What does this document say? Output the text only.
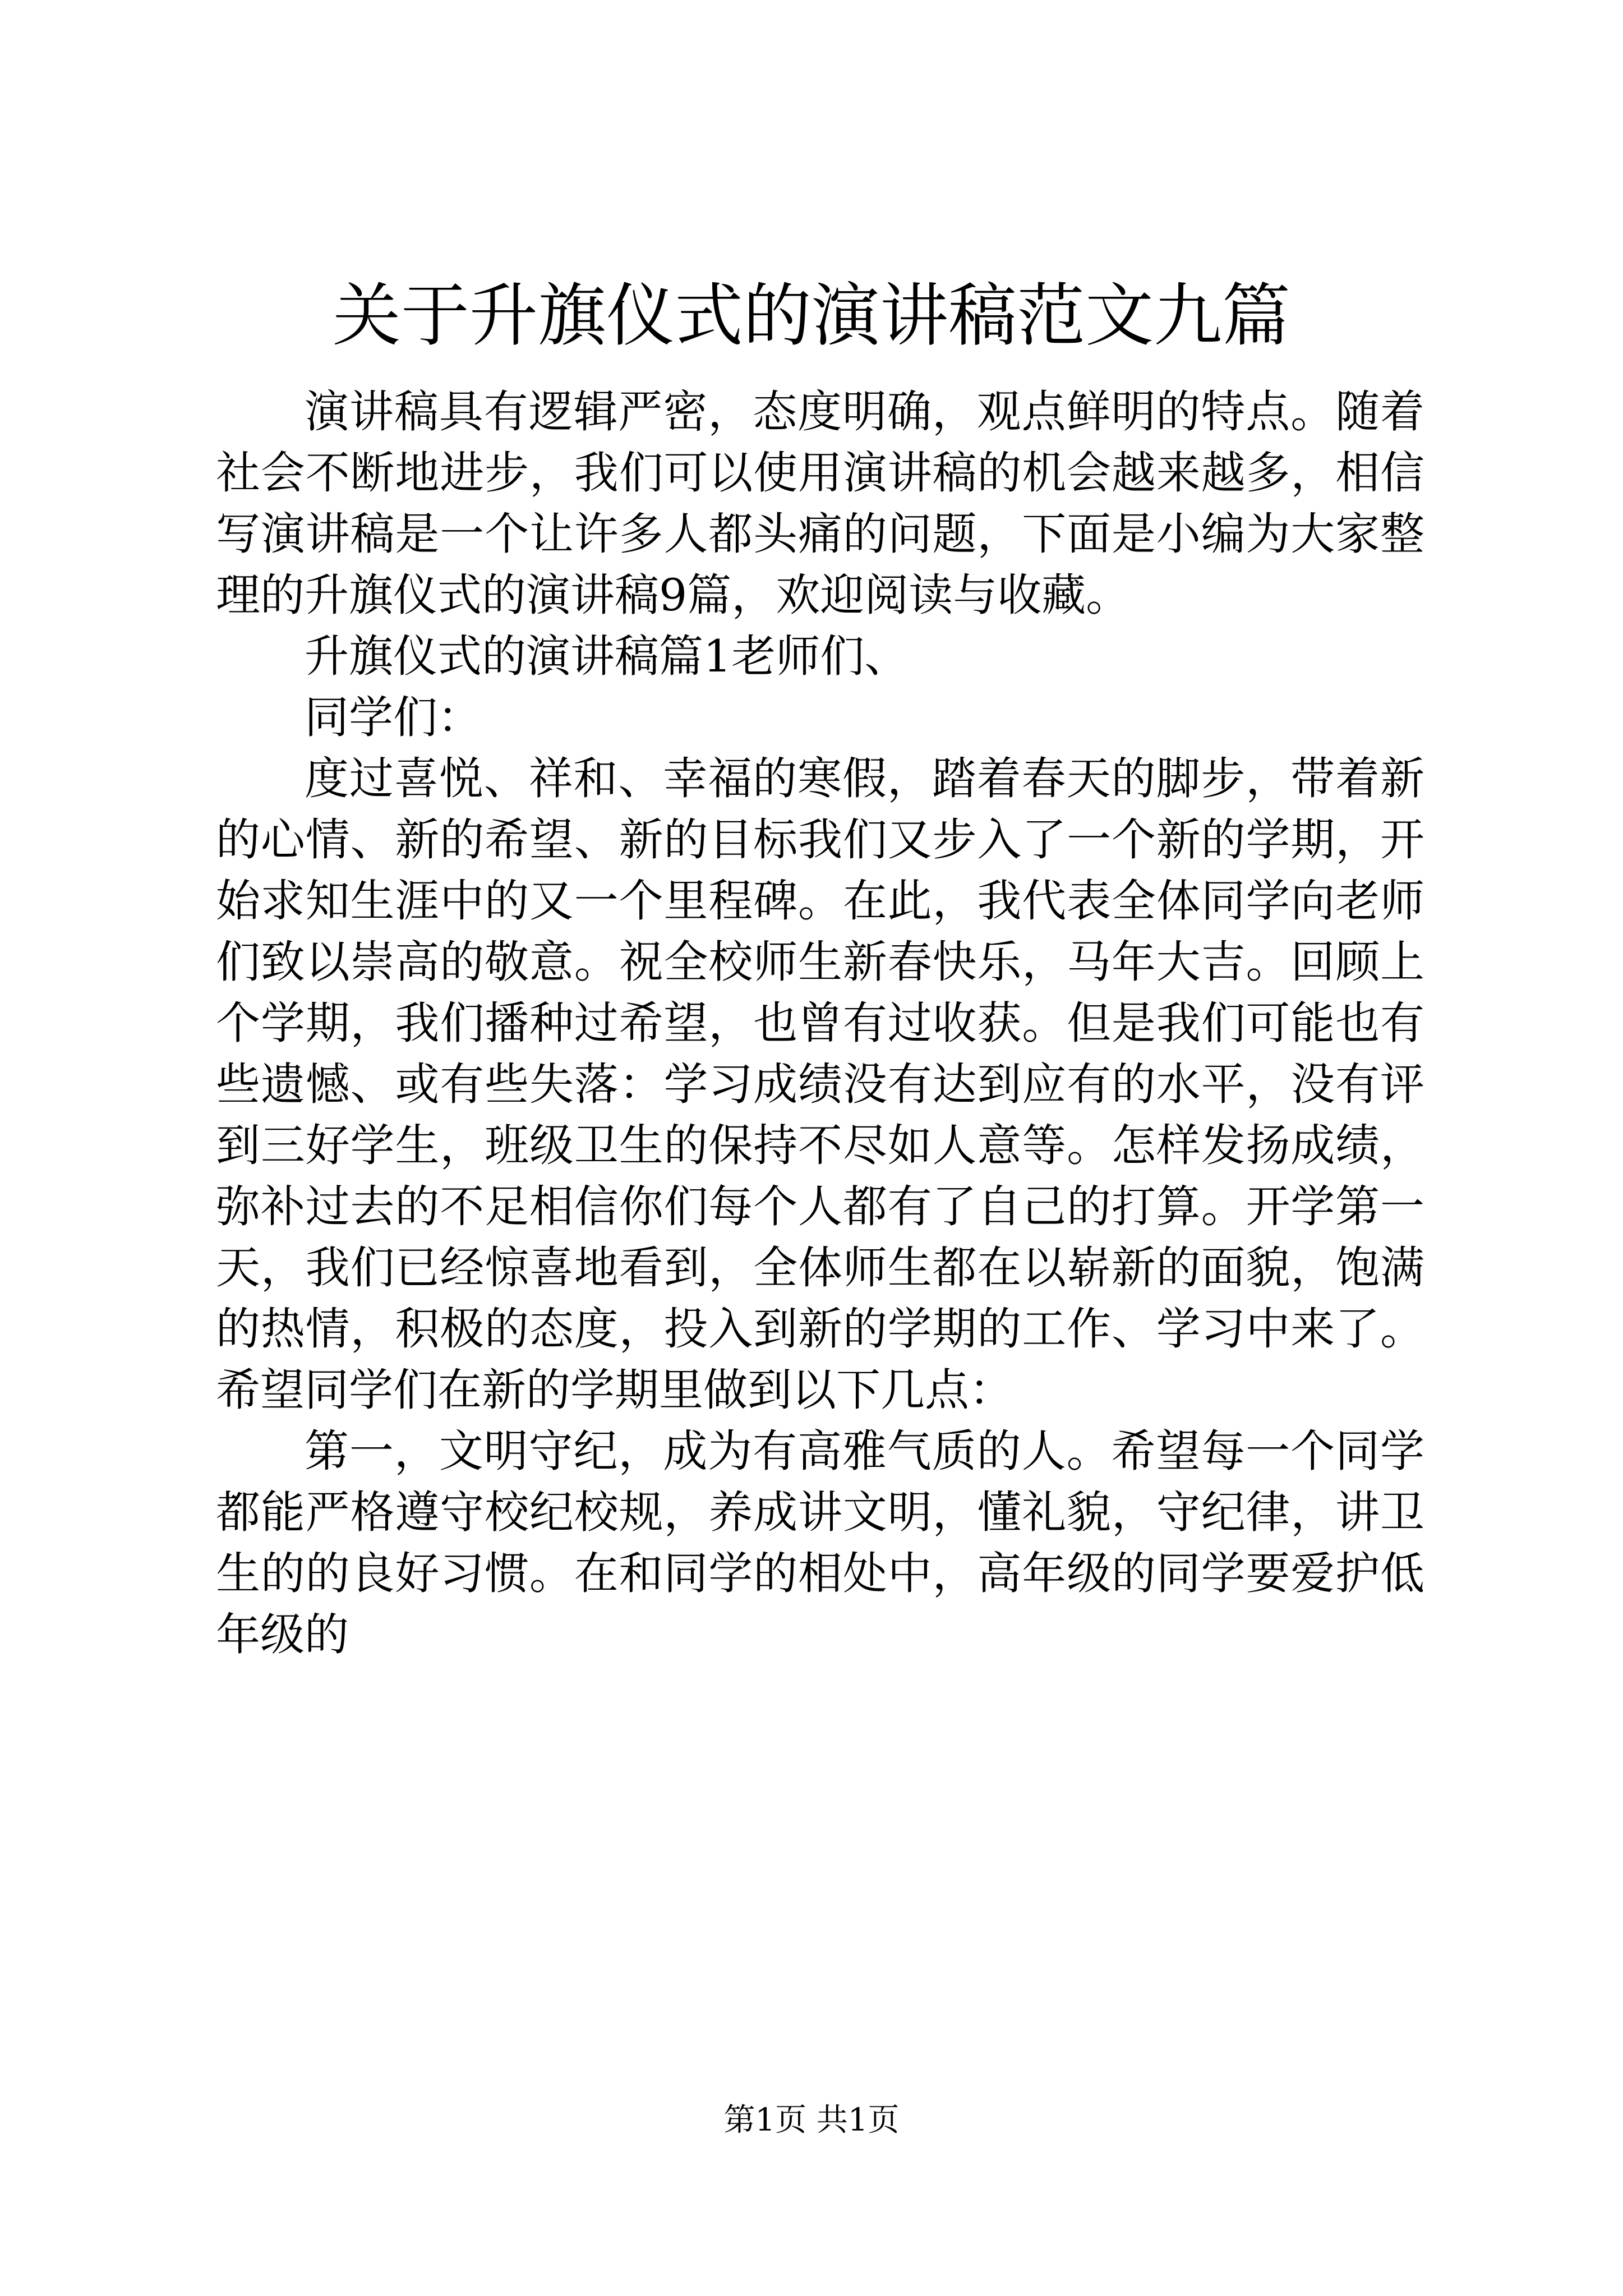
关于升旗仪式的演讲稿范文九篇

演讲稿具有逻辑严密，态度明确，观点鲜明的特点。随着社会不断地进步，我们可以使用演讲稿的机会越来越多，相信写演讲稿是一个让许多人都头痛的问题，下面是小编为大家整理的升旗仪式的演讲稿9篇，欢迎阅读与收藏。

升旗仪式的演讲稿篇1老师们、

同学们：

度过喜悦、祥和、幸福的寒假，踏着春天的脚步，带着新的心情、新的希望、新的目标我们又步入了一个新的学期，开始求知生涯中的又一个里程碑。在此，我代表全体同学向老师们致以崇高的敬意。祝全校师生新春快乐，马年大吉。回顾上个学期，我们播种过希望，也曾有过收获。但是我们可能也有些遗憾、或有些失落：学习成绩没有达到应有的水平，没有评到三好学生，班级卫生的保持不尽如人意等。怎样发扬成绩，弥补过去的不足相信你们每个人都有了自己的打算。开学第一天，我们已经惊喜地看到，全体师生都在以崭新的面貌，饱满的热情，积极的态度，投入到新的学期的工作、学习中来了。希望同学们在新的学期里做到以下几点：

第一，文明守纪，成为有高雅气质的人。希望每一个同学都能严格遵守校纪校规，养成讲文明，懂礼貌，守纪律，讲卫生的的良好习惯。在和同学的相处中，高年级的同学要爱护低年级的

第1页 共1页
